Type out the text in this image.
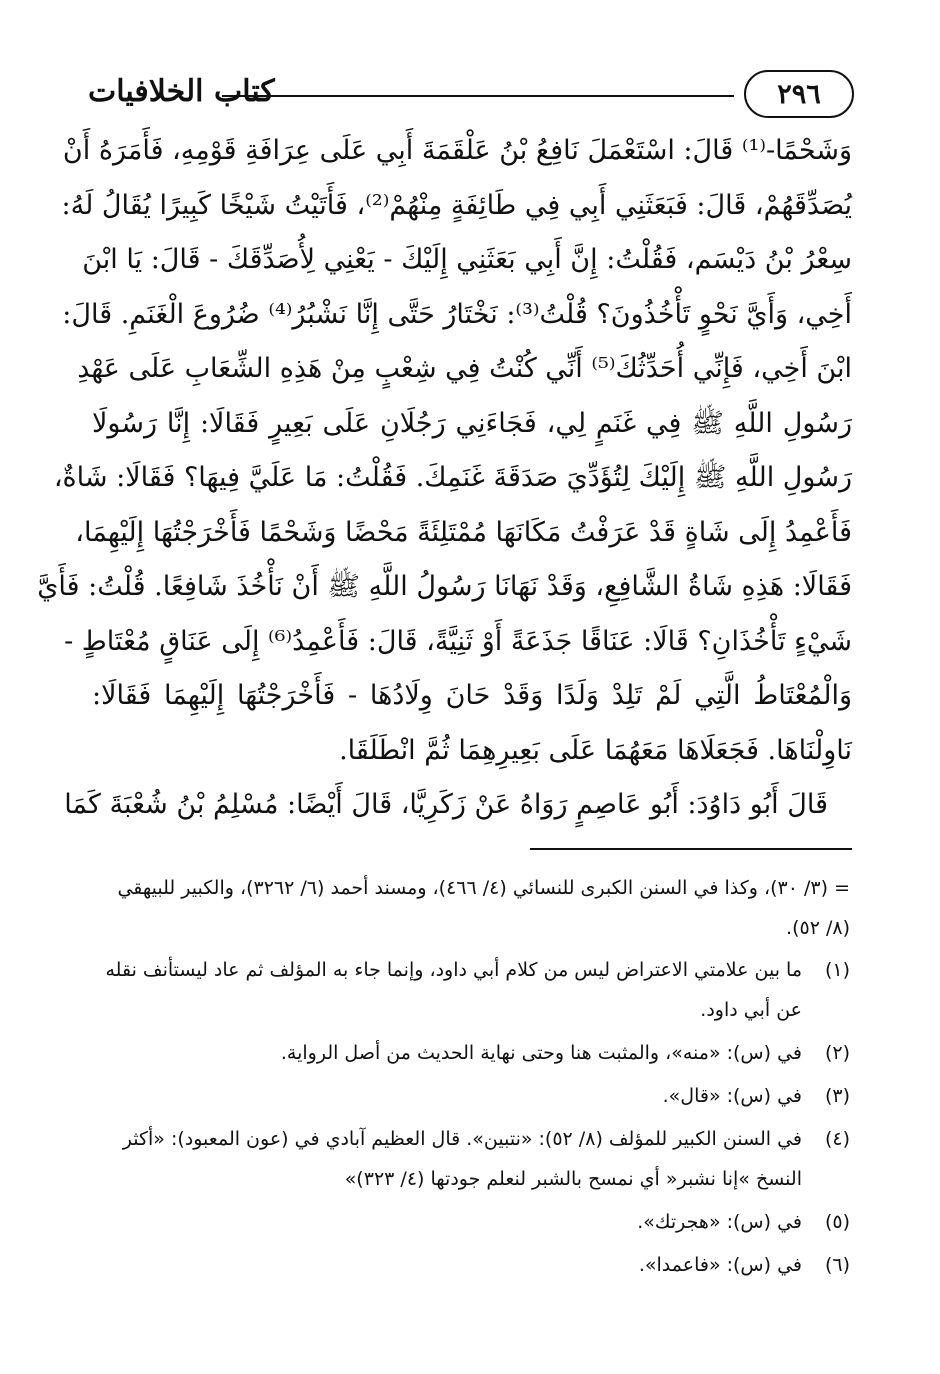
كتاب الخلافيات	٢٩٦
وَشَحْمًا-⁽¹⁾ قَالَ: اسْتَعْمَلَ نَافِعُ بْنُ عَلْقَمَةَ أَبِي عَلَى عِرَافَةِ قَوْمِهِ، فَأَمَرَهُ أَنْ
يُصَدِّقَهُمْ، قَالَ: فَبَعَثَنِي أَبِي فِي طَائِفَةٍ مِنْهُمْ⁽²⁾، فَأَتَيْتُ شَيْخًا كَبِيرًا يُقَالُ لَهُ:
سِعْرُ بْنُ دَيْسَم، فَقُلْتُ: إِنَّ أَبِي بَعَثَنِي إِلَيْكَ - يَعْنِي لِأُصَدِّقَكَ - قَالَ: يَا ابْنَ
أَخِي، وَأَيَّ نَحْوٍ تَأْخُذُونَ؟ قُلْتُ⁽³⁾: نَخْتَارُ حَتَّى إِنَّا نَشْبُرُ⁽⁴⁾ ضُرُوعَ الْغَنَمِ. قَالَ:
ابْنَ أَخِي، فَإِنِّي أُحَدِّثُكَ⁽⁵⁾ أَنِّي كُنْتُ فِي شِعْبٍ مِنْ هَذِهِ الشِّعَابِ عَلَى عَهْدِ
رَسُولِ اللَّهِ ﷺ فِي غَنَمٍ لِي، فَجَاءَنِي رَجُلَانِ عَلَى بَعِيرٍ فَقَالَا: إِنَّا رَسُولَا
رَسُولِ اللَّهِ ﷺ إِلَيْكَ لِتُؤَدِّيَ صَدَقَةَ غَنَمِكَ. فَقُلْتُ: مَا عَلَيَّ فِيهَا؟ فَقَالَا: شَاةٌ،
فَأَعْمِدُ إِلَى شَاةٍ قَدْ عَرَفْتُ مَكَانَهَا مُمْتَلِئَةً مَحْضًا وَشَحْمًا فَأَخْرَجْتُهَا إِلَيْهِمَا،
فَقَالَا: هَذِهِ شَاةُ الشَّافِعِ، وَقَدْ نَهَانَا رَسُولُ اللَّهِ ﷺ أَنْ نَأْخُذَ شَافِعًا. قُلْتُ: فَأَيَّ
شَيْءٍ تَأْخُذَانِ؟ قَالَا: عَنَاقًا جَذَعَةً أَوْ ثَنِيَّةً، قَالَ: فَأَعْمِدُ⁽⁶⁾ إِلَى عَنَاقٍ مُعْتَاطٍ -
وَالْمُعْتَاطُ الَّتِي لَمْ تَلِدْ وَلَدًا وَقَدْ حَانَ وِلَادُهَا - فَأَخْرَجْتُهَا إِلَيْهِمَا فَقَالَا:
نَاوِلْنَاهَا. فَجَعَلَاهَا مَعَهُمَا عَلَى بَعِيرِهِمَا ثُمَّ انْطَلَقَا.
قَالَ أَبُو دَاوُدَ: أَبُو عَاصِمٍ رَوَاهُ عَنْ زَكَرِيَّا، قَالَ أَيْضًا: مُسْلِمُ بْنُ شُعْبَةَ كَمَا
= (٣/ ٣٠)، وكذا في السنن الكبرى للنسائي (٤/ ٤٦٦)، ومسند أحمد (٦/ ٣٢٦٢)، والكبير للبيهقي (٨/ ٥٢).
(١)
ما بين علامتي الاعتراض ليس من كلام أبي داود، وإنما جاء به المؤلف ثم عاد ليستأنف نقله عن أبي داود.
(٢)
في (س): «منه»، والمثبت هنا وحتى نهاية الحديث من أصل الرواية.
(٣)
في (س): «قال».
(٤)
في السنن الكبير للمؤلف (٨/ ٥٢): «نتبين». قال العظيم آبادي في (عون المعبود): «أكثر النسخ »إنا نشبر« أي نمسح بالشبر لنعلم جودتها (٤/ ٣٢٣)»
(٥)
في (س): «هجرتك».
(٦)
في (س): «فاعمدا».
